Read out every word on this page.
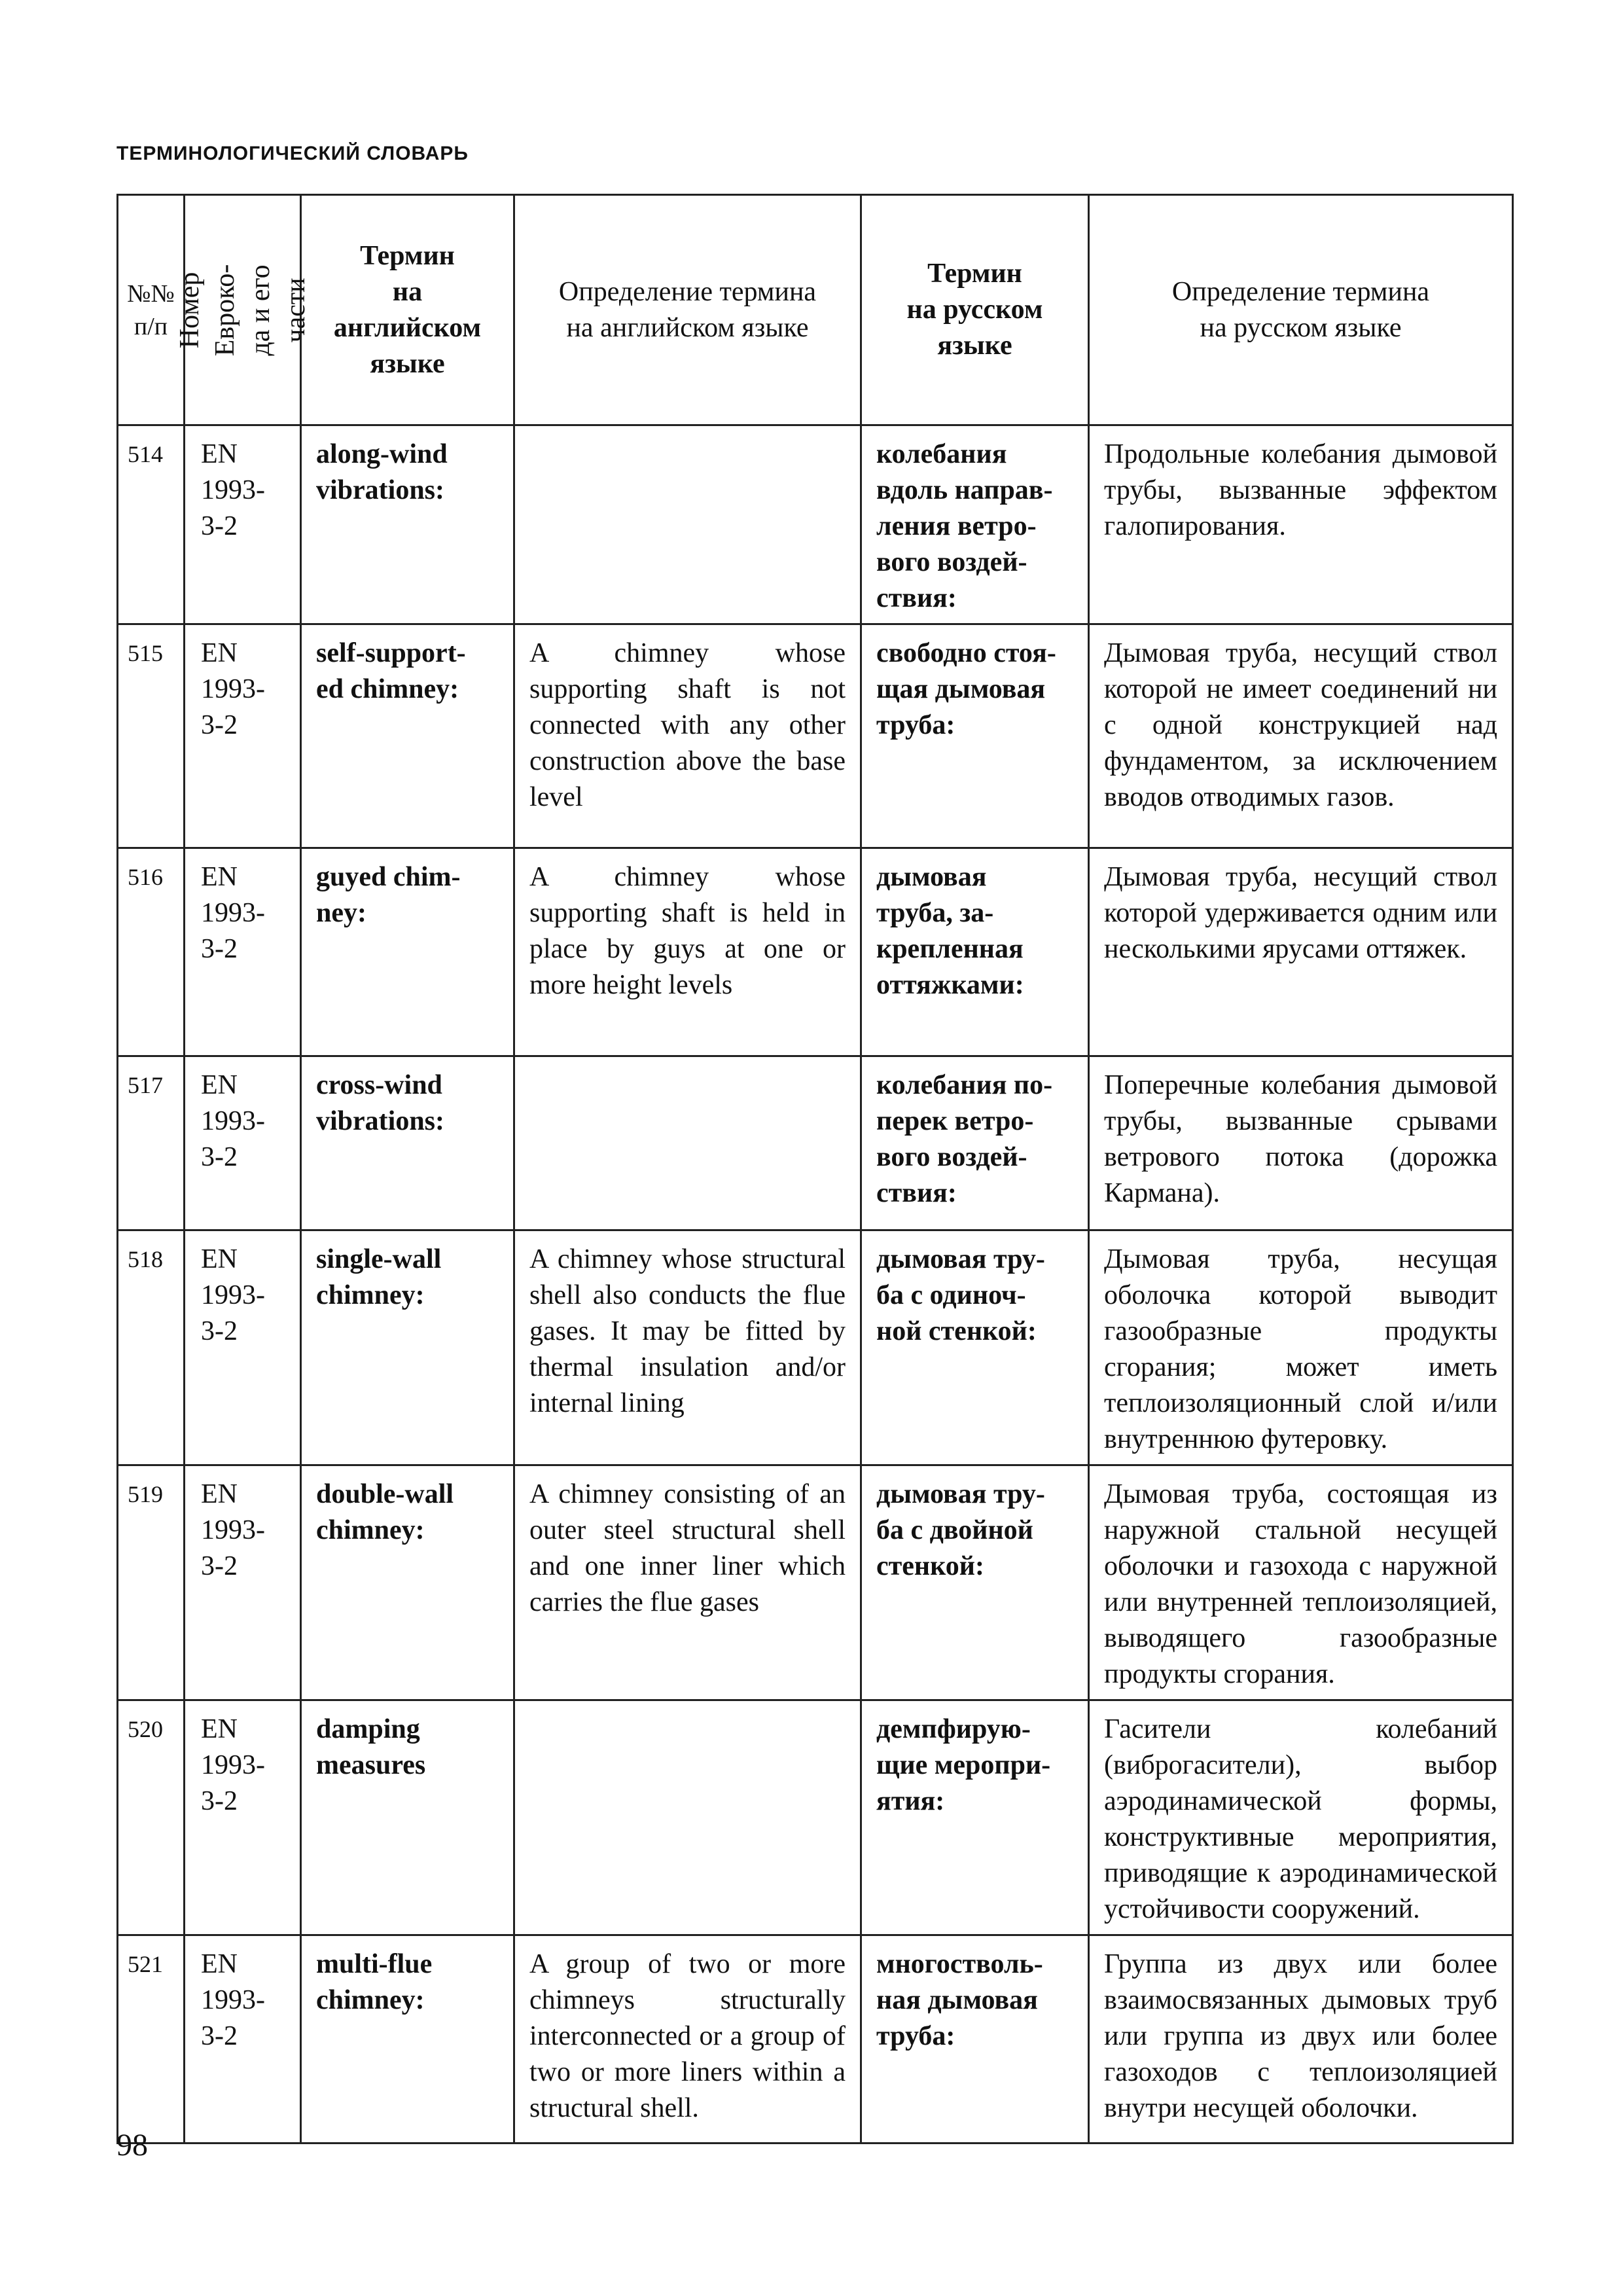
ТЕРМИНОЛОГИЧЕСКИЙ СЛОВАРЬ
№№
п/п	Номер Еврoко-
да и его части	Термин
на
английском
языке	Определение термина
на английском языке	Термин
на русском
языке	Определение термина
на русском языке

514	EN
1993-
3-2	along-wind
vibrations:		колебания
вдоль направ-
ления ветро-
вого воздей-
ствия:	Продольные колебания дымовой трубы, вызванные эффектом галопирования.

515	EN
1993-
3-2	self-support-
ed chimney:	A chimney whose supporting shaft is not connected with any other construction above the base level	свободно стоя-
щая дымовая
труба:	Дымовая труба, несущий ствол которой не имеет соединений ни с одной конструкцией над фундаментом, за исключением вводов отводимых газов.

516	EN
1993-
3-2	guyed chim-
ney:	A chimney whose supporting shaft is held in place by guys at one or more height levels	дымовая
труба, за-
крепленная
оттяжками:	Дымовая труба, несущий ствол которой удерживается одним или несколькими ярусами оттяжек.

517	EN
1993-
3-2	cross-wind
vibrations:		колебания по-
перек ветро-
вого воздей-
ствия:	Поперечные колебания дымовой трубы, вызванные срывами ветрового потока (дорожка Кармана).

518	EN
1993-
3-2	single-wall
chimney:	A chimney whose structural shell also conducts the flue gases. It may be fitted by thermal insulation and/or internal lining	дымовая тру-
ба с одиноч-
ной стенкой:	Дымовая труба, несущая оболочка которой выводит газообразные продукты сгорания; может иметь теплоизоляционный слой и/или внутреннюю футеровку.

519	EN
1993-
3-2	double-wall
chimney:	A chimney consisting of an outer steel structural shell and one inner liner which carries the flue gases	дымовая тру-
ба с двойной
стенкой:	Дымовая труба, состоящая из наружной стальной несущей оболочки и газохода с наружной или внутренней теплоизоляцией, выводящего газообразные продукты сгорания.

520	EN
1993-
3-2	damping
measures		демпфирую-
щие меропри-
ятия:	Гасители колебаний (виброгасители), выбор аэродинамической формы, конструктивные мероприятия, приводящие к аэродинамической устойчивости сооружений.

521	EN
1993-
3-2	multi-flue
chimney:	A group of two or more chimneys structurally interconnected or a group of two or more liners within a structural shell.	многостволь-
ная дымовая
труба:	Группа из двух или более взаимосвязанных дымовых труб или группа из двух или более газоходов с теплоизоляцией внутри несущей оболочки.
98
